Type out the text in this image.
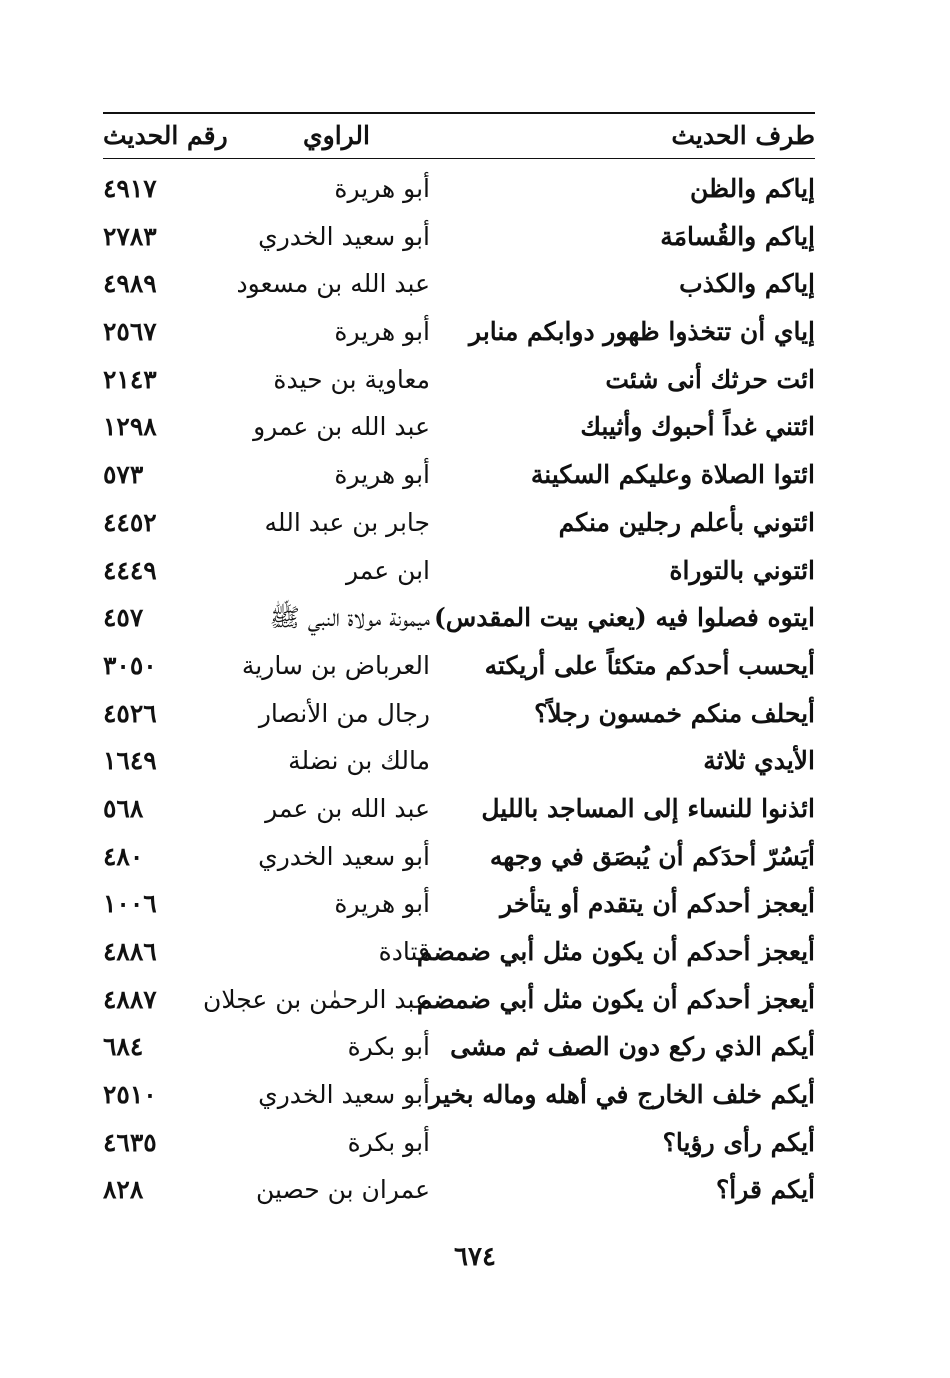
طرف الحديث
الراوي
رقم الحديث
إياكم والظن
أبو هريرة
٤٩١٧
إياكم والقُسامَة
أبو سعيد الخدري
٢٧٨٣
إياكم والكذب
عبد الله بن مسعود
٤٩٨٩
إياي أن تتخذوا ظهور دوابكم منابر
أبو هريرة
٢٥٦٧
ائت حرثك أنى شئت
معاوية بن حيدة
٢١٤٣
ائتني غداً أحبوك وأثيبك
عبد الله بن عمرو
١٢٩٨
ائتوا الصلاة وعليكم السكينة
أبو هريرة
٥٧٣
ائتوني بأعلم رجلين منكم
جابر بن عبد الله
٤٤٥٢
ائتوني بالتوراة
ابن عمر
٤٤٤٩
ايتوه فصلوا فيه (يعني بيت المقدس)
ميمونة مولاة النبي ﷺ
٤٥٧
أيحسب أحدكم متكئاً على أريكته
العرباض بن سارية
٣٠٥٠
أيحلف منكم خمسون رجلاً؟
رجال من الأنصار
٤٥٢٦
الأيدي ثلاثة
مالك بن نضلة
١٦٤٩
ائذنوا للنساء إلى المساجد بالليل
عبد الله بن عمر
٥٦٨
أيَسُرّ أحدَكم أن يُبصَق في وجهه
أبو سعيد الخدري
٤٨٠
أيعجز أحدكم أن يتقدم أو يتأخر
أبو هريرة
١٠٠٦
أيعجز أحدكم أن يكون مثل أبي ضمضم
قتادة
٤٨٨٦
أيعجز أحدكم أن يكون مثل أبي ضمضم
عبد الرحمٰن بن عجلان
٤٨٨٧
أيكم الذي ركع دون الصف ثم مشى
أبو بكرة
٦٨٤
أيكم خلف الخارج في أهله وماله بخير
أبو سعيد الخدري
٢٥١٠
أيكم رأى رؤيا؟
أبو بكرة
٤٦٣٥
أيكم قرأ؟
عمران بن حصين
٨٢٨
٦٧٤
